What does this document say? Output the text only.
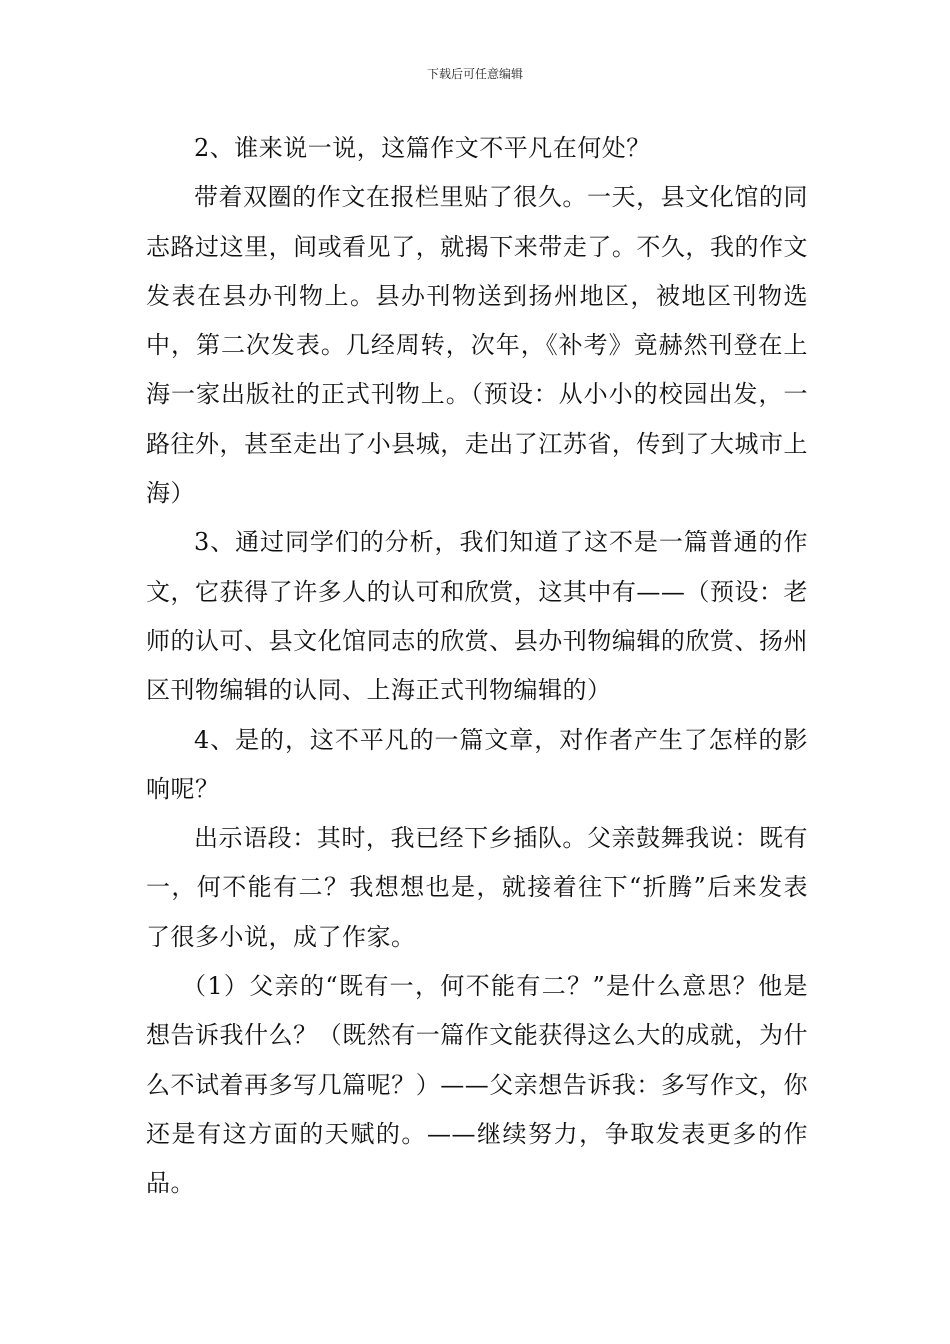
下载后可任意编辑

2、谁来说一说，这篇作文不平凡在何处？

带着双圈的作文在报栏里贴了很久。一天，县文化馆的同志路过这里，间或看见了，就揭下来带走了。不久，我的作文发表在县办刊物上。县办刊物送到扬州地区，被地区刊物选中，第二次发表。几经周转，次年，《补考》竟赫然刊登在上海一家出版社的正式刊物上。（预设：从小小的校园出发，一路往外，甚至走出了小县城，走出了江苏省，传到了大城市上海）

3、通过同学们的分析，我们知道了这不是一篇普通的作文，它获得了许多人的认可和欣赏，这其中有——（预设：老师的认可、县文化馆同志的欣赏、县办刊物编辑的欣赏、扬州区刊物编辑的认同、上海正式刊物编辑的）

4、是的，这不平凡的一篇文章，对作者产生了怎样的影响呢？

出示语段：其时，我已经下乡插队。父亲鼓舞我说：既有一，何不能有二？我想想也是，就接着往下“折腾”后来发表了很多小说，成了作家。

（1）父亲的“既有一，何不能有二？”是什么意思？他是想告诉我什么？（既然有一篇作文能获得这么大的成就，为什么不试着再多写几篇呢？）——父亲想告诉我：多写作文，你还是有这方面的天赋的。——继续努力，争取发表更多的作品。
